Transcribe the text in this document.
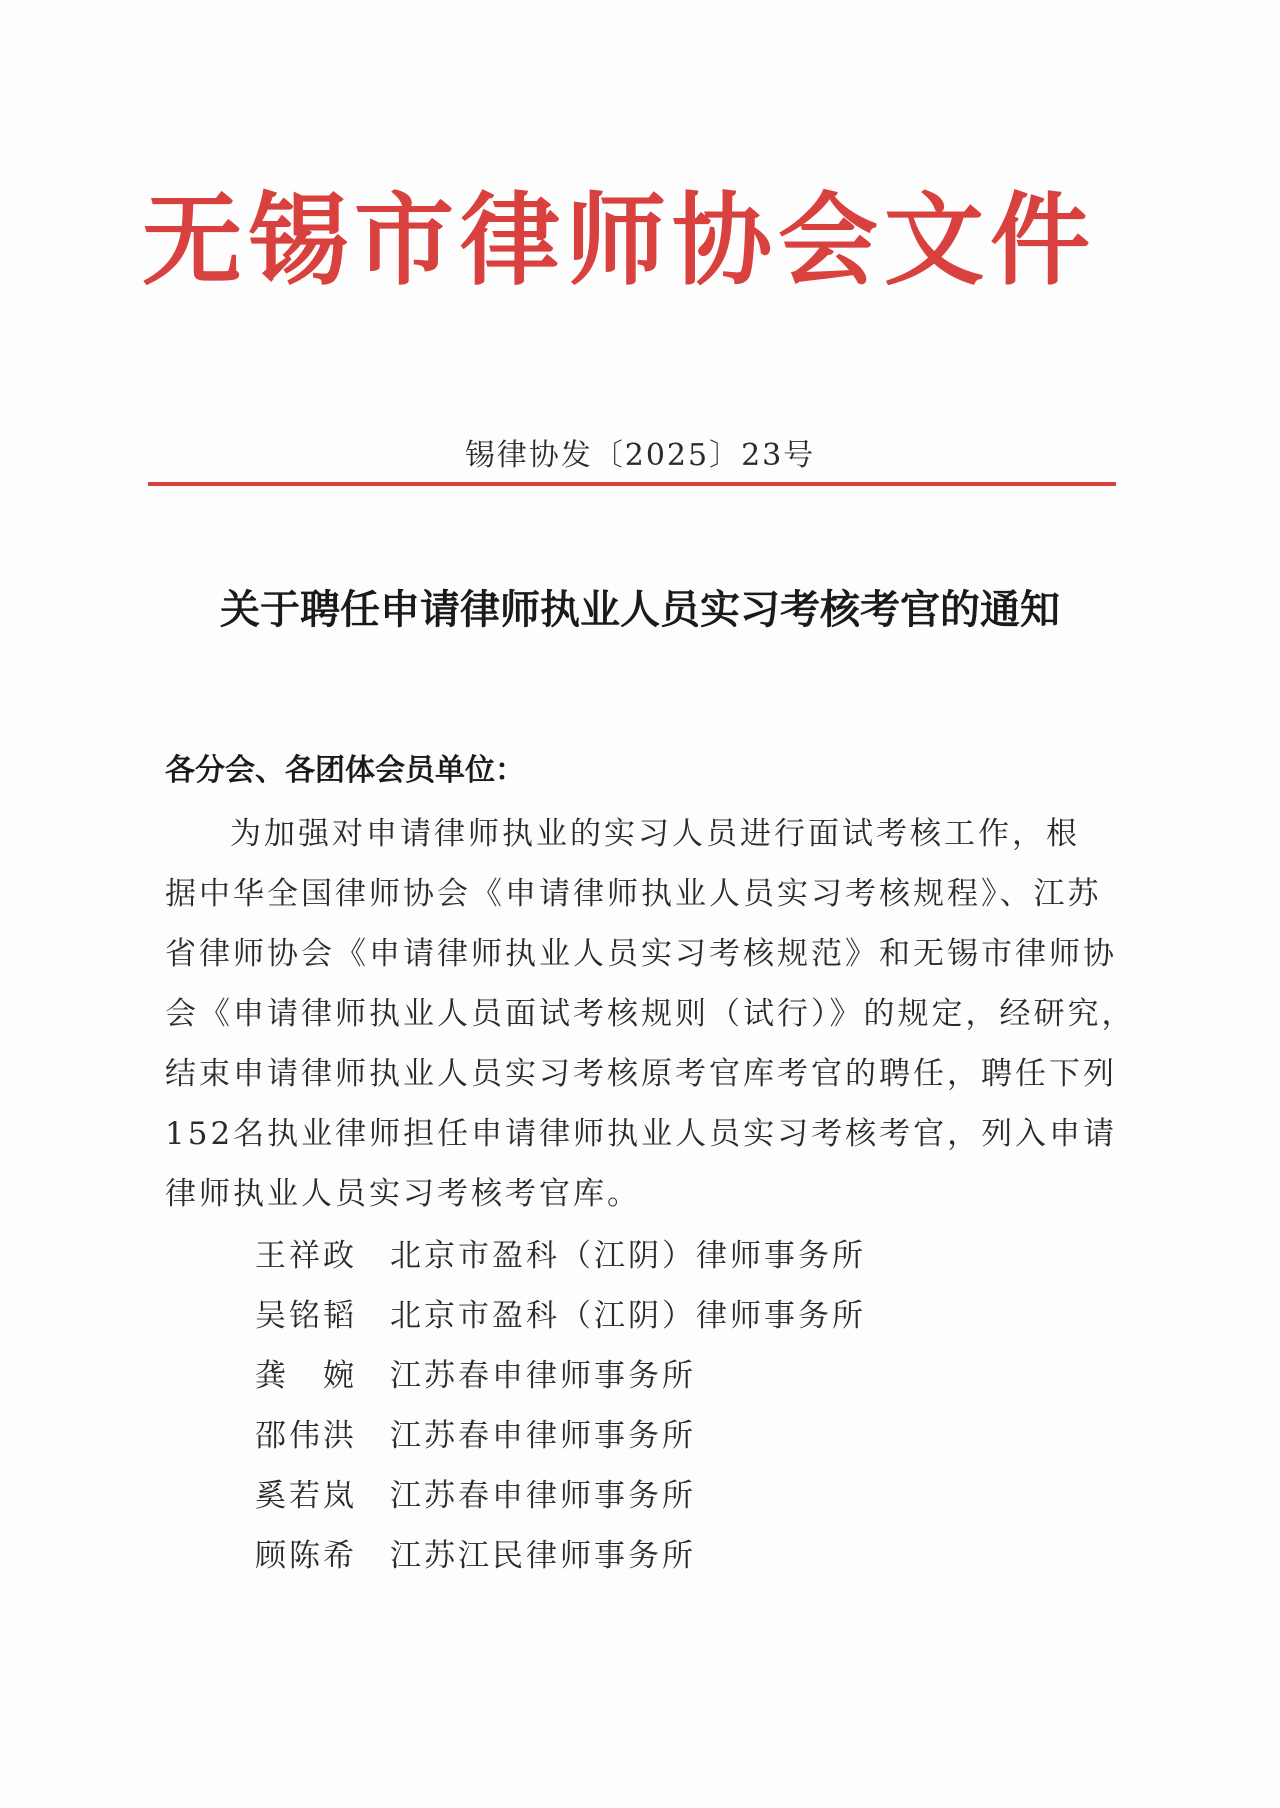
无锡市律师协会文件
锡律协发〔2025〕23号
关于聘任申请律师执业人员实习考核考官的通知
各分会、各团体会员单位：
为加强对申请律师执业的实习人员进行面试考核工作，根
据中华全国律师协会《申请律师执业人员实习考核规程》、江苏
省律师协会《申请律师执业人员实习考核规范》和无锡市律师协
会《申请律师执业人员面试考核规则（试行）》的规定，经研究，
结束申请律师执业人员实习考核原考官库考官的聘任，聘任下列
152名执业律师担任申请律师执业人员实习考核考官，列入申请
律师执业人员实习考核考官库。
王祥政 北京市盈科（江阴）律师事务所
吴铭韬 北京市盈科（江阴）律师事务所
龚　婉 江苏春申律师事务所
邵伟洪 江苏春申律师事务所
奚若岚 江苏春申律师事务所
顾陈希 江苏江民律师事务所
